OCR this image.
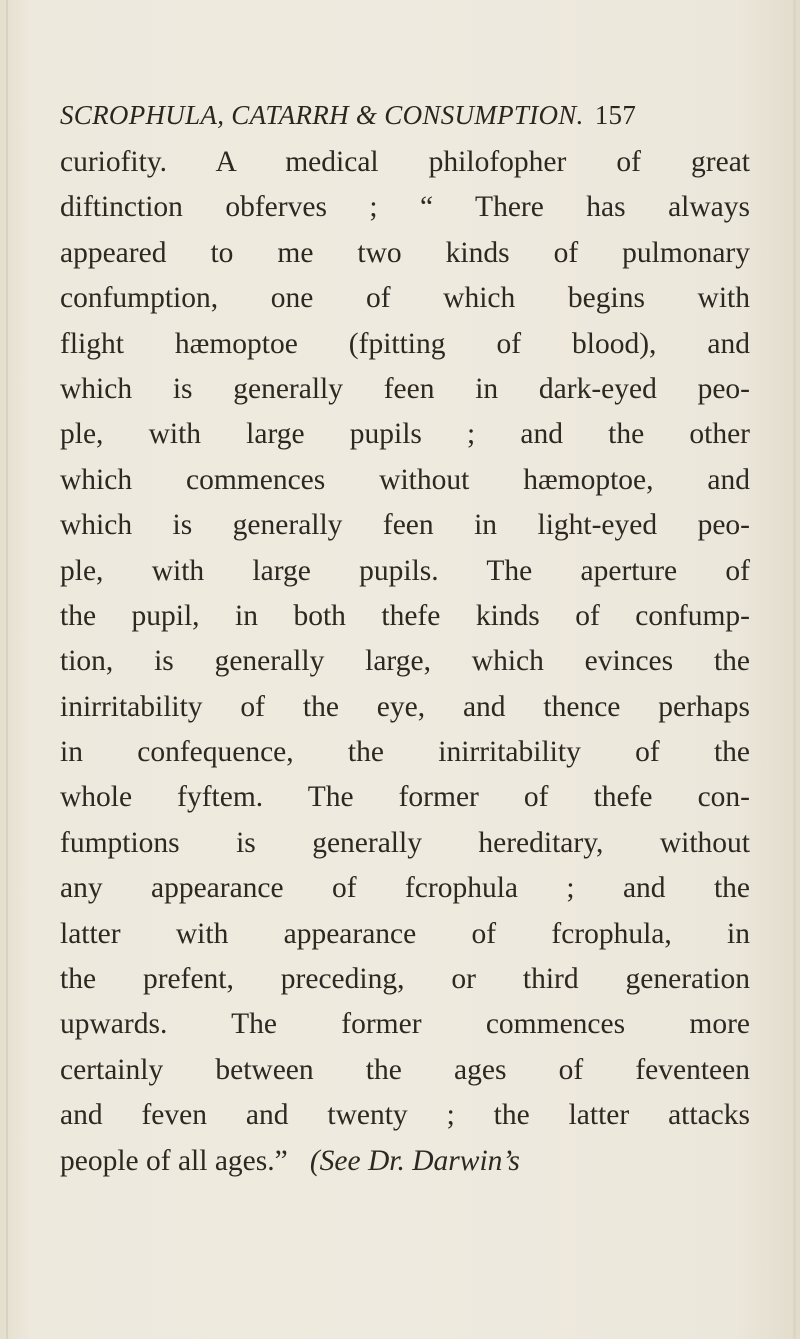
SCROPHULA, CATARRH & CONSUMPTION. 157
curiofity. A medical philofopher of great
diftinction obferves ; “ There has always
appeared to me two kinds of pulmonary
confumption, one of which begins with
flight hæmoptoe (fpitting of blood), and
which is generally feen in dark-eyed peo-
ple, with large pupils ; and the other
which commences without hæmoptoe, and
which is generally feen in light-eyed peo-
ple, with large pupils. The aperture of
the pupil, in both thefe kinds of confump-
tion, is generally large, which evinces the
inirritability of the eye, and thence perhaps
in confequence, the inirritability of the
whole fyftem. The former of thefe con-
fumptions is generally hereditary, without
any appearance of fcrophula ; and the
latter with appearance of fcrophula, in
the prefent, preceding, or third generation
upwards. The former commences more
certainly between the ages of feventeen
and feven and twenty ; the latter attacks
people of all ages.” (See Dr. Darwin’s
